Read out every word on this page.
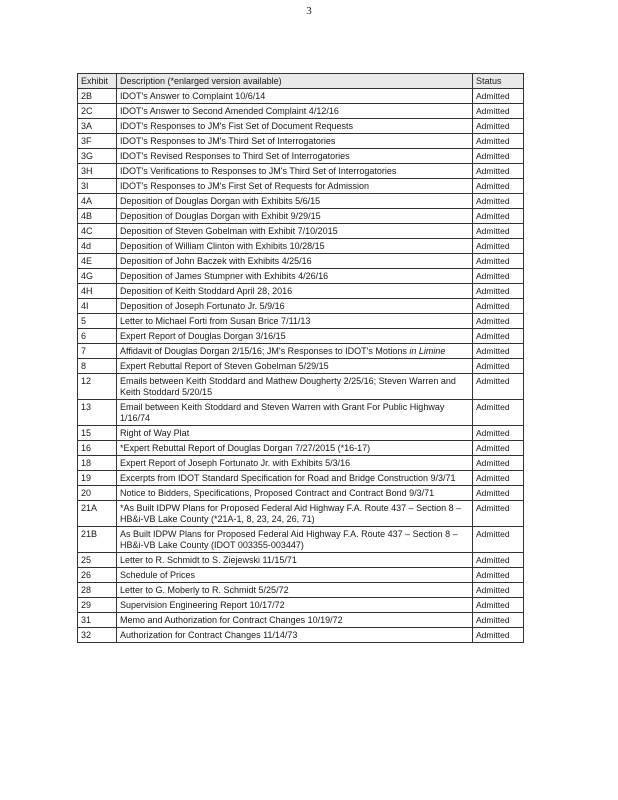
3
Exhibit	Description (*enlarged version available)	Status
2B	IDOT's Answer to Complaint 10/6/14	Admitted
2C	IDOT's Answer to Second Amended Complaint 4/12/16	Admitted
3A	IDOT's Responses to JM's Fist Set of Document Requests	Admitted
3F	IDOT's Responses to JM's Third Set of Interrogatories	Admitted
3G	IDOT's Revised Responses to Third Set of Interrogatories	Admitted
3H	IDOT's Verifications to Responses to JM's Third Set of Interrogatories	Admitted
3I	IDOT's Responses to JM's First Set of Requests for Admission	Admitted
4A	Deposition of Douglas Dorgan with Exhibits 5/6/15	Admitted
4B	Deposition of Douglas Dorgan with Exhibit 9/29/15	Admitted
4C	Deposition of Steven Gobelman with Exhibit 7/10/2015	Admitted
4d	Deposition of William Clinton with Exhibits 10/28/15	Admitted
4E	Deposition of John Baczek with Exhibits 4/25/16	Admitted
4G	Deposition of James Stumpner with Exhibits 4/26/16	Admitted
4H	Deposition of Keith Stoddard April 28, 2016	Admitted
4I	Deposition of Joseph Fortunato Jr. 5/9/16	Admitted
5	Letter to Michael Forti from Susan Brice 7/11/13	Admitted
6	Expert Report of Douglas Dorgan 3/16/15	Admitted
7	Affidavit of Douglas Dorgan 2/15/16; JM's Responses to IDOT's Motions in Limine	Admitted
8	Expert Rebuttal Report of Steven Gobelman 5/29/15	Admitted
12	Emails between Keith Stoddard and Mathew Dougherty 2/25/16; Steven Warren and Keith Stoddard 5/20/15	Admitted
13	Email between Keith Stoddard and Steven Warren with Grant For Public Highway 1/16/74	Admitted
15	Right of Way Plat	Admitted
16	*Expert Rebuttal Report of Douglas Dorgan 7/27/2015 (*16-17)	Admitted
18	Expert Report of Joseph Fortunato Jr. with Exhibits 5/3/16	Admitted
19	Excerpts from IDOT Standard Specification for Road and Bridge Construction 9/3/71	Admitted
20	Notice to Bidders, Specifications, Proposed Contract and Contract Bond 9/3/71	Admitted
21A	*As Built IDPW Plans for Proposed Federal Aid Highway F.A. Route 437 – Section 8 – HB&i-VB Lake County (*21A-1, 8, 23, 24, 26, 71)	Admitted
21B	As Built IDPW Plans for Proposed Federal Aid Highway F.A. Route 437 – Section 8 – HB&i-VB Lake County (IDOT 003355-003447)	Admitted
25	Letter to R. Schmidt to S. Ziejewski 11/15/71	Admitted
26	Schedule of Prices	Admitted
28	Letter to G. Moberly to R. Schmidt 5/25/72	Admitted
29	Supervision Engineering Report 10/17/72	Admitted
31	Memo and Authorization for Contract Changes 10/19/72	Admitted
32	Authorization for Contract Changes 11/14/73	Admitted
